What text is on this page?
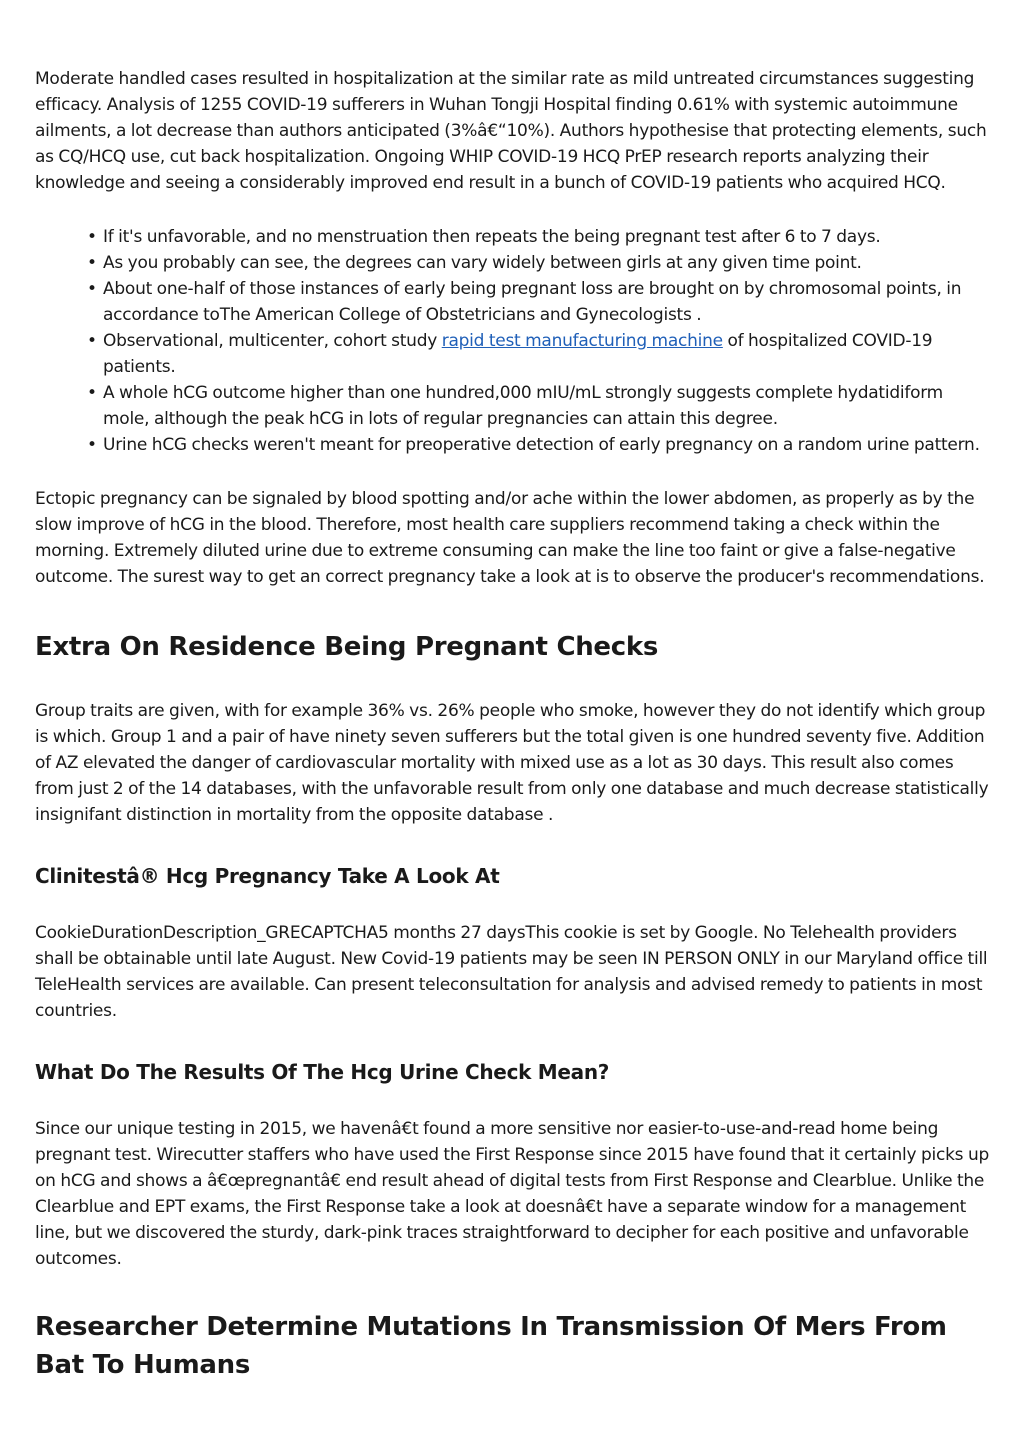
Moderate handled cases resulted in hospitalization at the similar rate as mild untreated circumstances suggesting efficacy. Analysis of 1255 COVID-19 sufferers in Wuhan Tongji Hospital finding 0.61% with systemic autoimmune ailments, a lot decrease than authors anticipated (3%â€“10%). Authors hypothesise that protecting elements, such as CQ/HCQ use, cut back hospitalization. Ongoing WHIP COVID-19 HCQ PrEP research reports analyzing their knowledge and seeing a considerably improved end result in a bunch of COVID-19 patients who acquired HCQ.

• If it's unfavorable, and no menstruation then repeats the being pregnant test after 6 to 7 days.
• As you probably can see, the degrees can vary widely between girls at any given time point.
• About one-half of those instances of early being pregnant loss are brought on by chromosomal points, in accordance toThe American College of Obstetricians and Gynecologists .
• Observational, multicenter, cohort study rapid test manufacturing machine of hospitalized COVID-19 patients.
• A whole hCG outcome higher than one hundred,000 mIU/mL strongly suggests complete hydatidiform mole, although the peak hCG in lots of regular pregnancies can attain this degree.
• Urine hCG checks weren't meant for preoperative detection of early pregnancy on a random urine pattern.

Ectopic pregnancy can be signaled by blood spotting and/or ache within the lower abdomen, as properly as by the slow improve of hCG in the blood. Therefore, most health care suppliers recommend taking a check within the morning. Extremely diluted urine due to extreme consuming can make the line too faint or give a false-negative outcome. The surest way to get an correct pregnancy take a look at is to observe the producer's recommendations.

Extra On Residence Being Pregnant Checks

Group traits are given, with for example 36% vs. 26% people who smoke, however they do not identify which group is which. Group 1 and a pair of have ninety seven sufferers but the total given is one hundred seventy five. Addition of AZ elevated the danger of cardiovascular mortality with mixed use as a lot as 30 days. This result also comes from just 2 of the 14 databases, with the unfavorable result from only one database and much decrease statistically insignifant distinction in mortality from the opposite database .

Clinitestâ® Hcg Pregnancy Take A Look At

CookieDurationDescription_GRECAPTCHA5 months 27 daysThis cookie is set by Google. No Telehealth providers shall be obtainable until late August. New Covid-19 patients may be seen IN PERSON ONLY in our Maryland office till TeleHealth services are available. Can present teleconsultation for analysis and advised remedy to patients in most countries.

What Do The Results Of The Hcg Urine Check Mean?

Since our unique testing in 2015, we havenâ€t found a more sensitive nor easier-to-use-and-read home being pregnant test. Wirecutter staffers who have used the First Response since 2015 have found that it certainly picks up on hCG and shows a â€œpregnantâ€ end result ahead of digital tests from First Response and Clearblue. Unlike the Clearblue and EPT exams, the First Response take a look at doesnâ€t have a separate window for a management line, but we discovered the sturdy, dark-pink traces straightforward to decipher for each positive and unfavorable outcomes.

Researcher Determine Mutations In Transmission Of Mers From Bat To Humans
